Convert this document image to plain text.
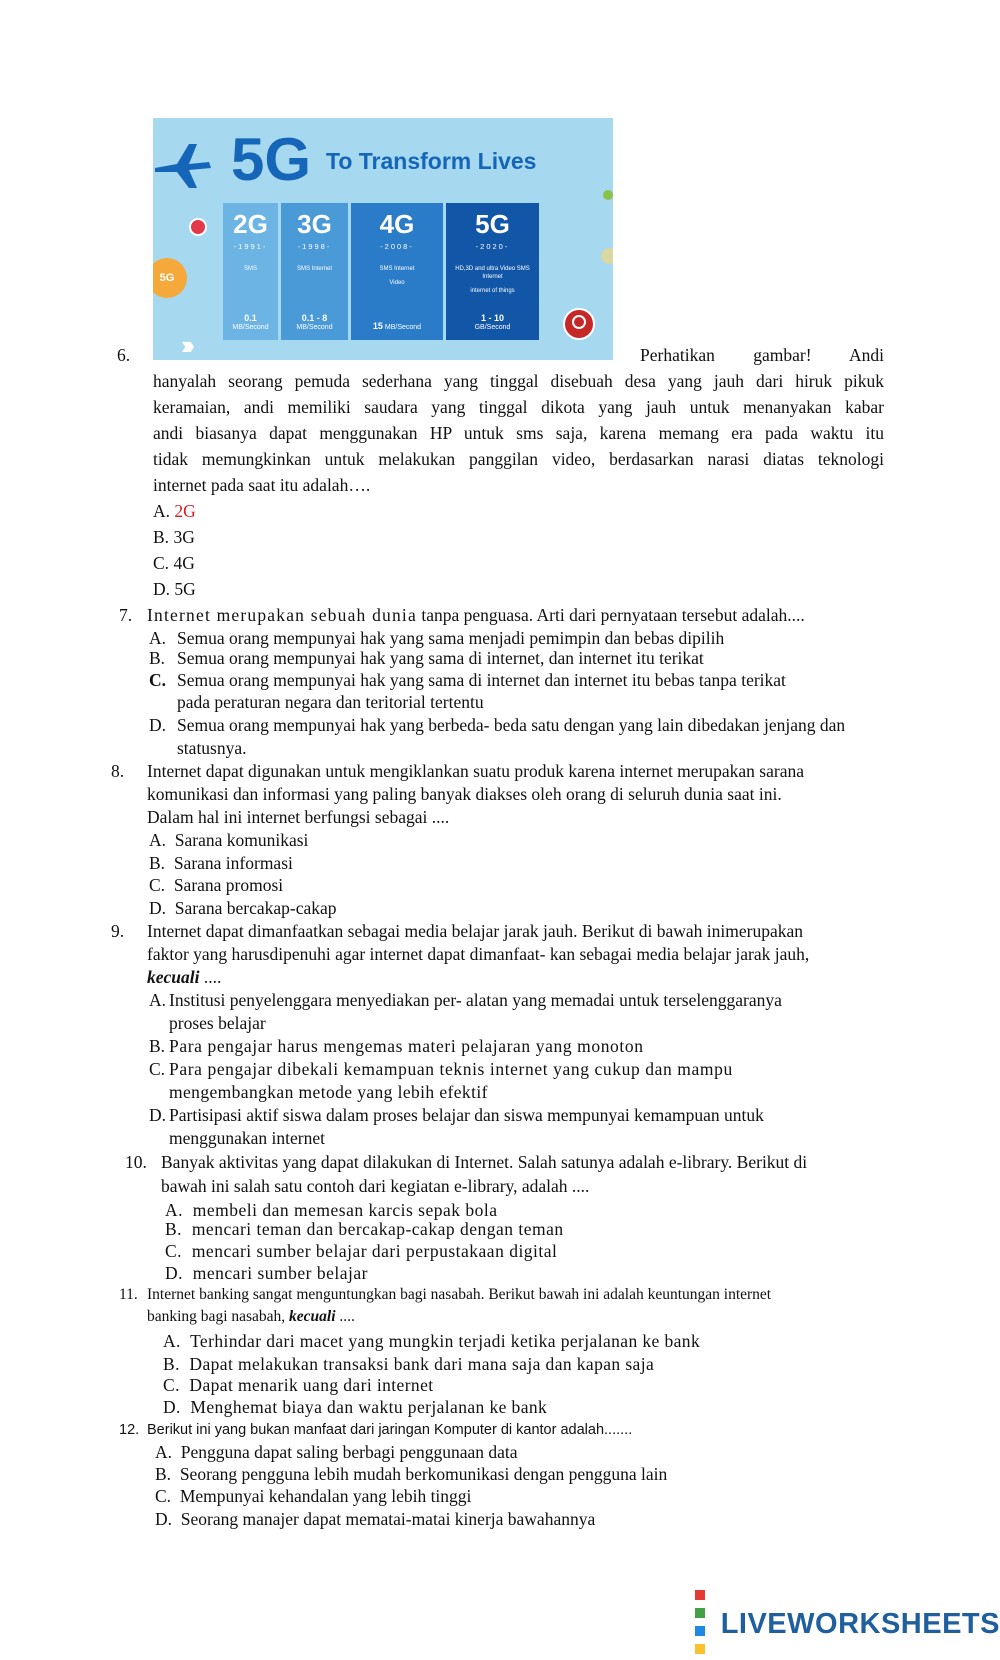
5G To Transform Lives
5G
›››
2G
-1991-
SMS
0.1
MB/Second
3G
-1998-
SMS Internet
0.1 - 8
MB/Second
4G
-2008-
SMS Internet
Video
15 MB/Second
5G
-2020-
HD,3D and ultra Video SMS Internet
internet of things
1 - 10
GB/Second
6.	Perhatikan gambar! Andi
hanyalah seorang pemuda sederhana yang tinggal disebuah desa yang jauh dari hiruk pikuk
keramaian, andi memiliki saudara yang tinggal dikota yang jauh untuk menanyakan kabar
andi biasanya dapat menggunakan HP untuk sms saja, karena memang era pada waktu itu
tidak memungkinkan untuk melakukan panggilan video, berdasarkan narasi diatas teknologi
internet pada saat itu adalah….
A. 2G
B. 3G
C. 4G
D. 5G
7. Internet merupakan sebuah dunia tanpa penguasa. Arti dari pernyataan tersebut adalah....
A. Semua orang mempunyai hak yang sama menjadi pemimpin dan bebas dipilih
B. Semua orang mempunyai hak yang sama di internet, dan internet itu terikat
C. Semua orang mempunyai hak yang sama di internet dan internet itu bebas tanpa terikat
pada peraturan negara dan teritorial tertentu
D. Semua orang mempunyai hak yang berbeda- beda satu dengan yang lain dibedakan jenjang dan
statusnya.
8. Internet dapat digunakan untuk mengiklankan suatu produk karena internet merupakan sarana
komunikasi dan informasi yang paling banyak diakses oleh orang di seluruh dunia saat ini.
Dalam hal ini internet berfungsi sebagai ....
A. Sarana komunikasi
B. Sarana informasi
C. Sarana promosi
D. Sarana bercakap-cakap
9. Internet dapat dimanfaatkan sebagai media belajar jarak jauh. Berikut di bawah inimerupakan
faktor yang harusdipenuhi agar internet dapat dimanfaat- kan sebagai media belajar jarak jauh,
kecuali ....
A. Institusi penyelenggara menyediakan per- alatan yang memadai untuk terselenggaranya
proses belajar
B. Para pengajar harus mengemas materi pelajaran yang monoton
C. Para pengajar dibekali kemampuan teknis internet yang cukup dan mampu
mengembangkan metode yang lebih efektif
D. Partisipasi aktif siswa dalam proses belajar dan siswa mempunyai kemampuan untuk
menggunakan internet
10. Banyak aktivitas yang dapat dilakukan di Internet. Salah satunya adalah e-library. Berikut di
bawah ini salah satu contoh dari kegiatan e-library, adalah ....
A. membeli dan memesan karcis sepak bola
B. mencari teman dan bercakap-cakap dengan teman
C. mencari sumber belajar dari perpustakaan digital
D. mencari sumber belajar
11. Internet banking sangat menguntungkan bagi nasabah. Berikut bawah ini adalah keuntungan internet
banking bagi nasabah, kecuali ....
A. Terhindar dari macet yang mungkin terjadi ketika perjalanan ke bank
B. Dapat melakukan transaksi bank dari mana saja dan kapan saja
C. Dapat menarik uang dari internet
D. Menghemat biaya dan waktu perjalanan ke bank
12. Berikut ini yang bukan manfaat dari jaringan Komputer di kantor adalah.......
A. Pengguna dapat saling berbagi penggunaan data
B. Seorang pengguna lebih mudah berkomunikasi dengan pengguna lain
C. Mempunyai kehandalan yang lebih tinggi
D. Seorang manajer dapat mematai-matai kinerja bawahannya
LIVEWORKSHEETS
